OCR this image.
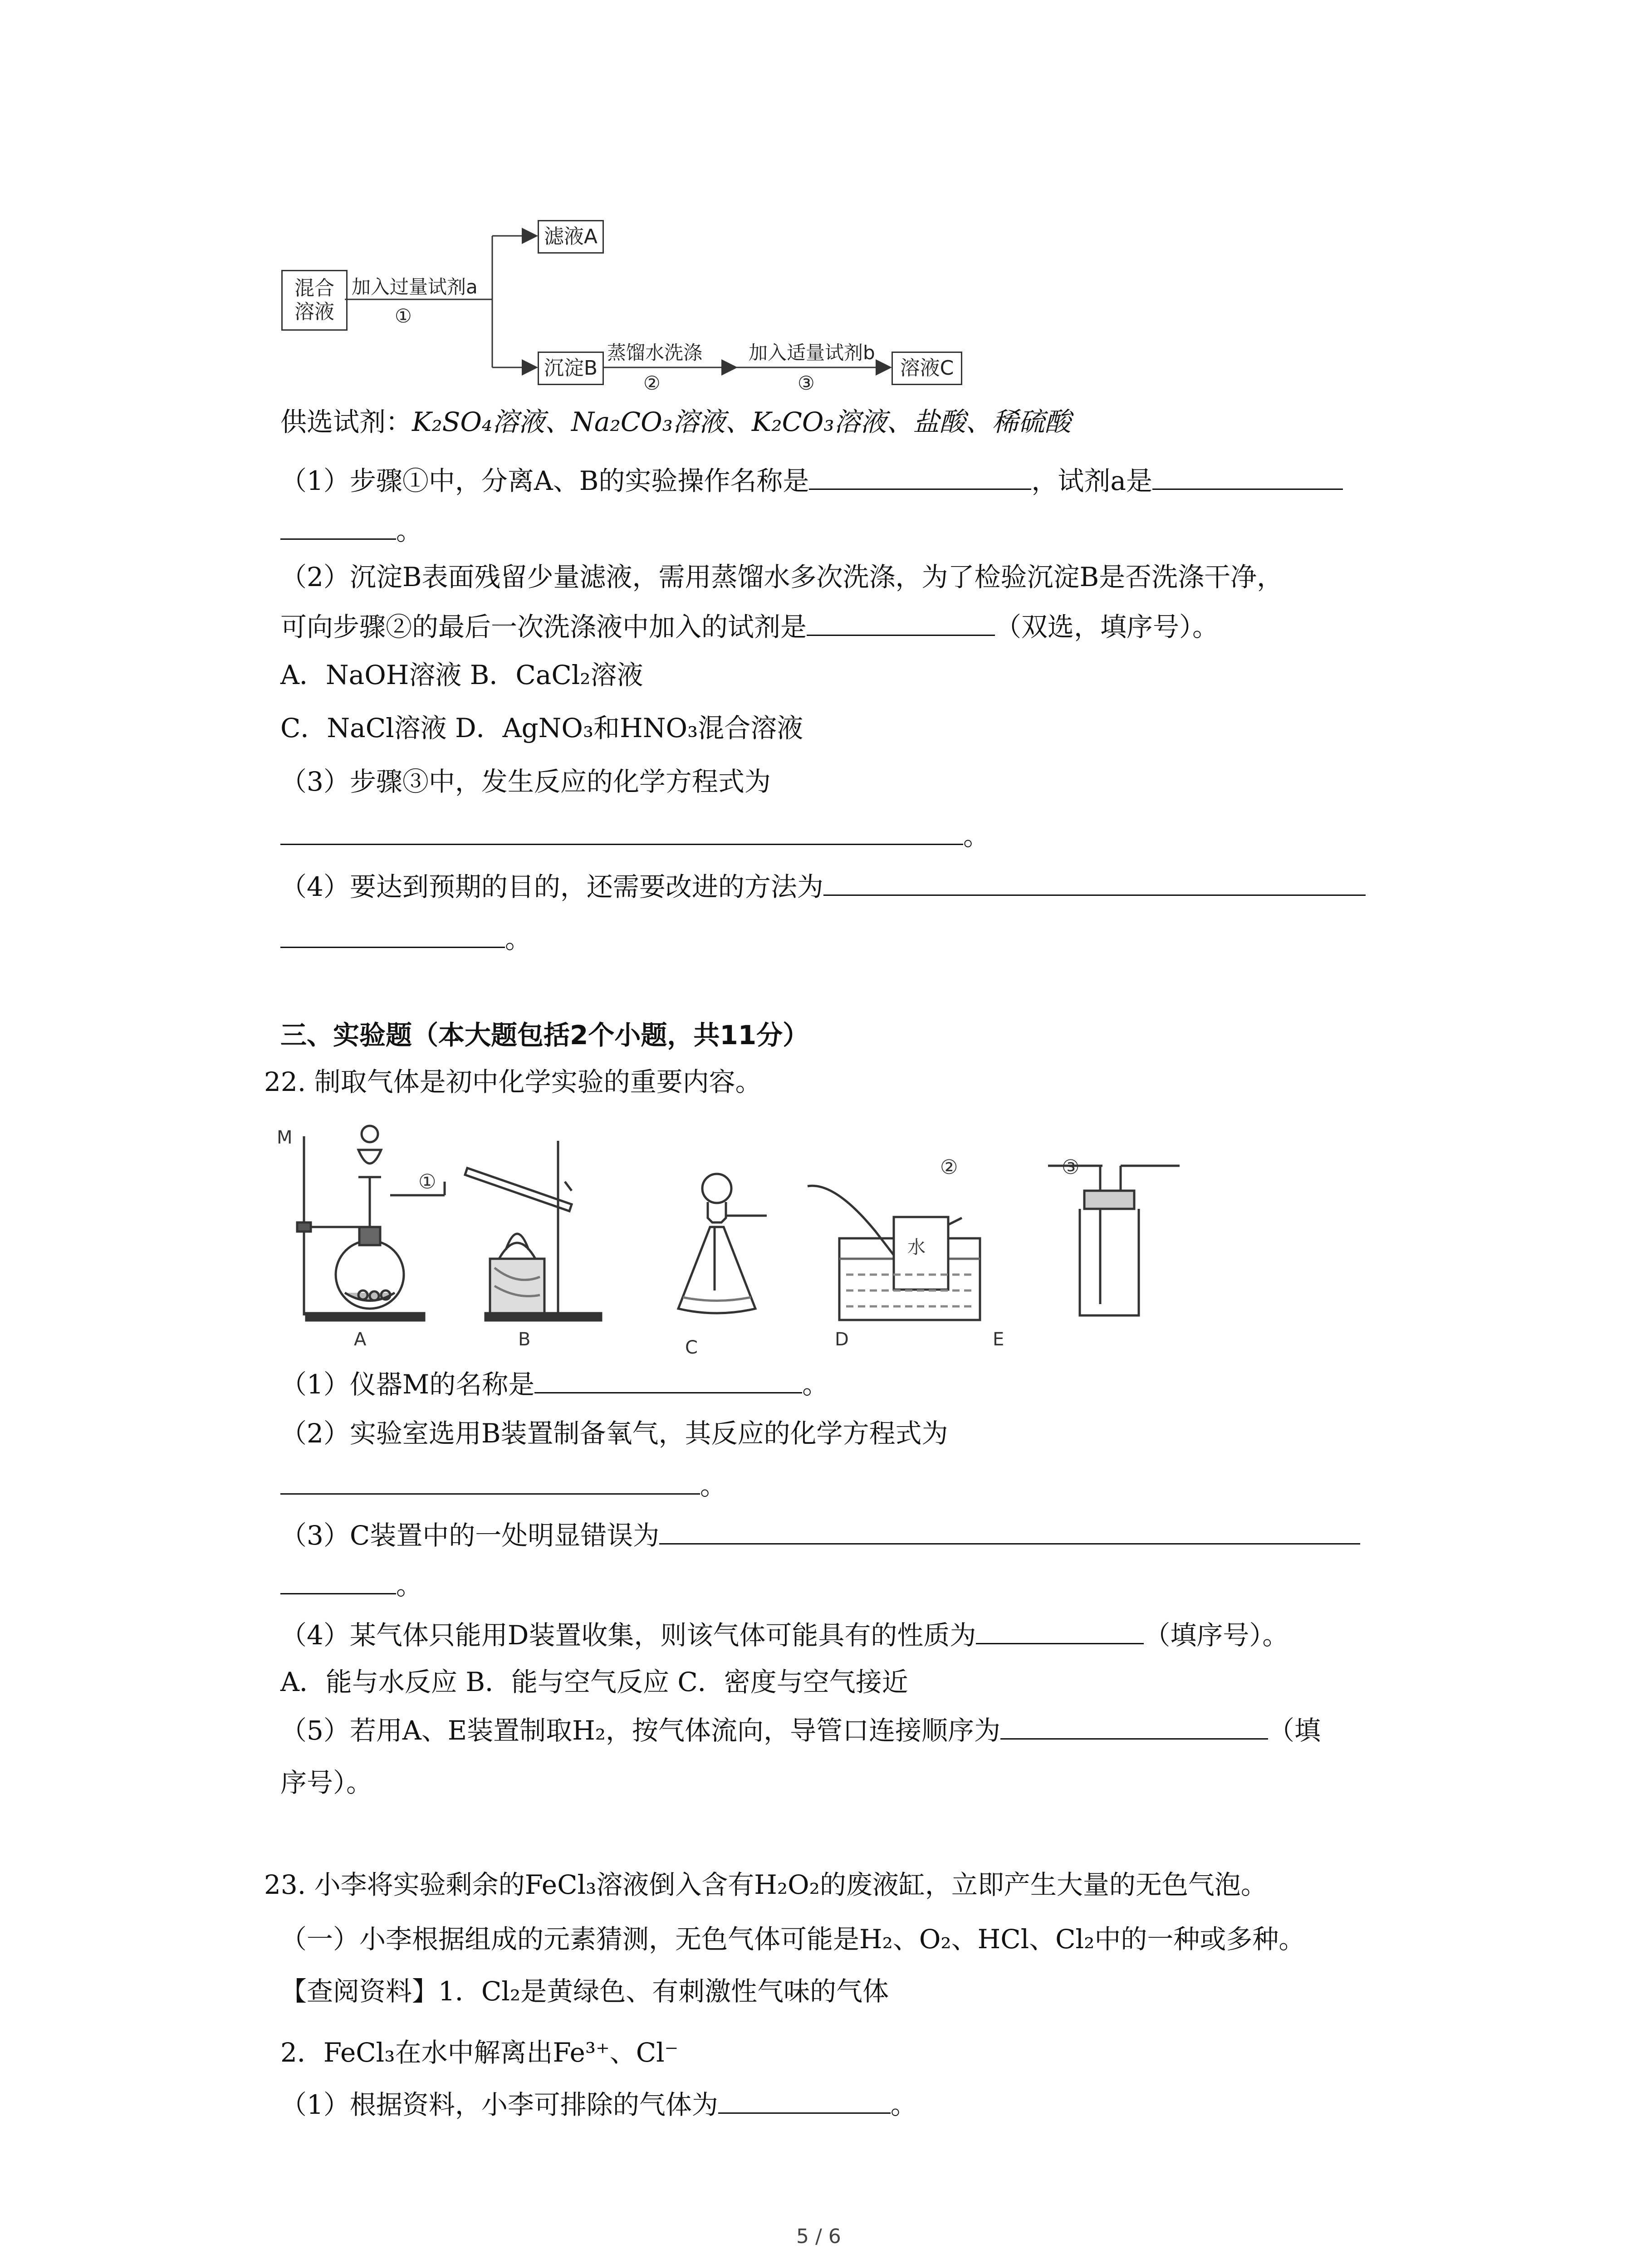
混合
溶液
加入过量试剂a
①
滤液A
沉淀B
蒸馏水洗涤
②
加入适量试剂b
③
溶液C
供选试剂：K₂SO₄溶液、Na₂CO₃溶液、K₂CO₃溶液、盐酸、稀硫酸
（1）步骤①中，分离A、B的实验操作名称是	，试剂a是
。
（2）沉淀B表面残留少量滤液，需用蒸馏水多次洗涤，为了检验沉淀B是否洗涤干净，
可向步骤②的最后一次洗涤液中加入的试剂是	（双选，填序号）。
A．NaOH溶液 B．CaCl₂溶液
C．NaCl溶液 D．AgNO₃和HNO₃混合溶液
（3）步骤③中，发生反应的化学方程式为
。
（4）要达到预期的目的，还需要改进的方法为
。
三、实验题（本大题包括2个小题，共11分）
22. 制取气体是初中化学实验的重要内容。
M
①
②	③
水
A	B	C	D	E
（1）仪器M的名称是	。
（2）实验室选用B装置制备氧气，其反应的化学方程式为
。
（3）C装置中的一处明显错误为
。
（4）某气体只能用D装置收集，则该气体可能具有的性质为	（填序号）。
A．能与水反应 B．能与空气反应 C．密度与空气接近
（5）若用A、E装置制取H₂，按气体流向，导管口连接顺序为	（填
序号）。
23. 小李将实验剩余的FeCl₃溶液倒入含有H₂O₂的废液缸，立即产生大量的无色气泡。
（一）小李根据组成的元素猜测，无色气体可能是H₂、O₂、HCl、Cl₂中的一种或多种。
【查阅资料】1．Cl₂是黄绿色、有刺激性气味的气体
2．FeCl₃在水中解离出Fe³⁺、Cl⁻
（1）根据资料，小李可排除的气体为	。
5 / 6
